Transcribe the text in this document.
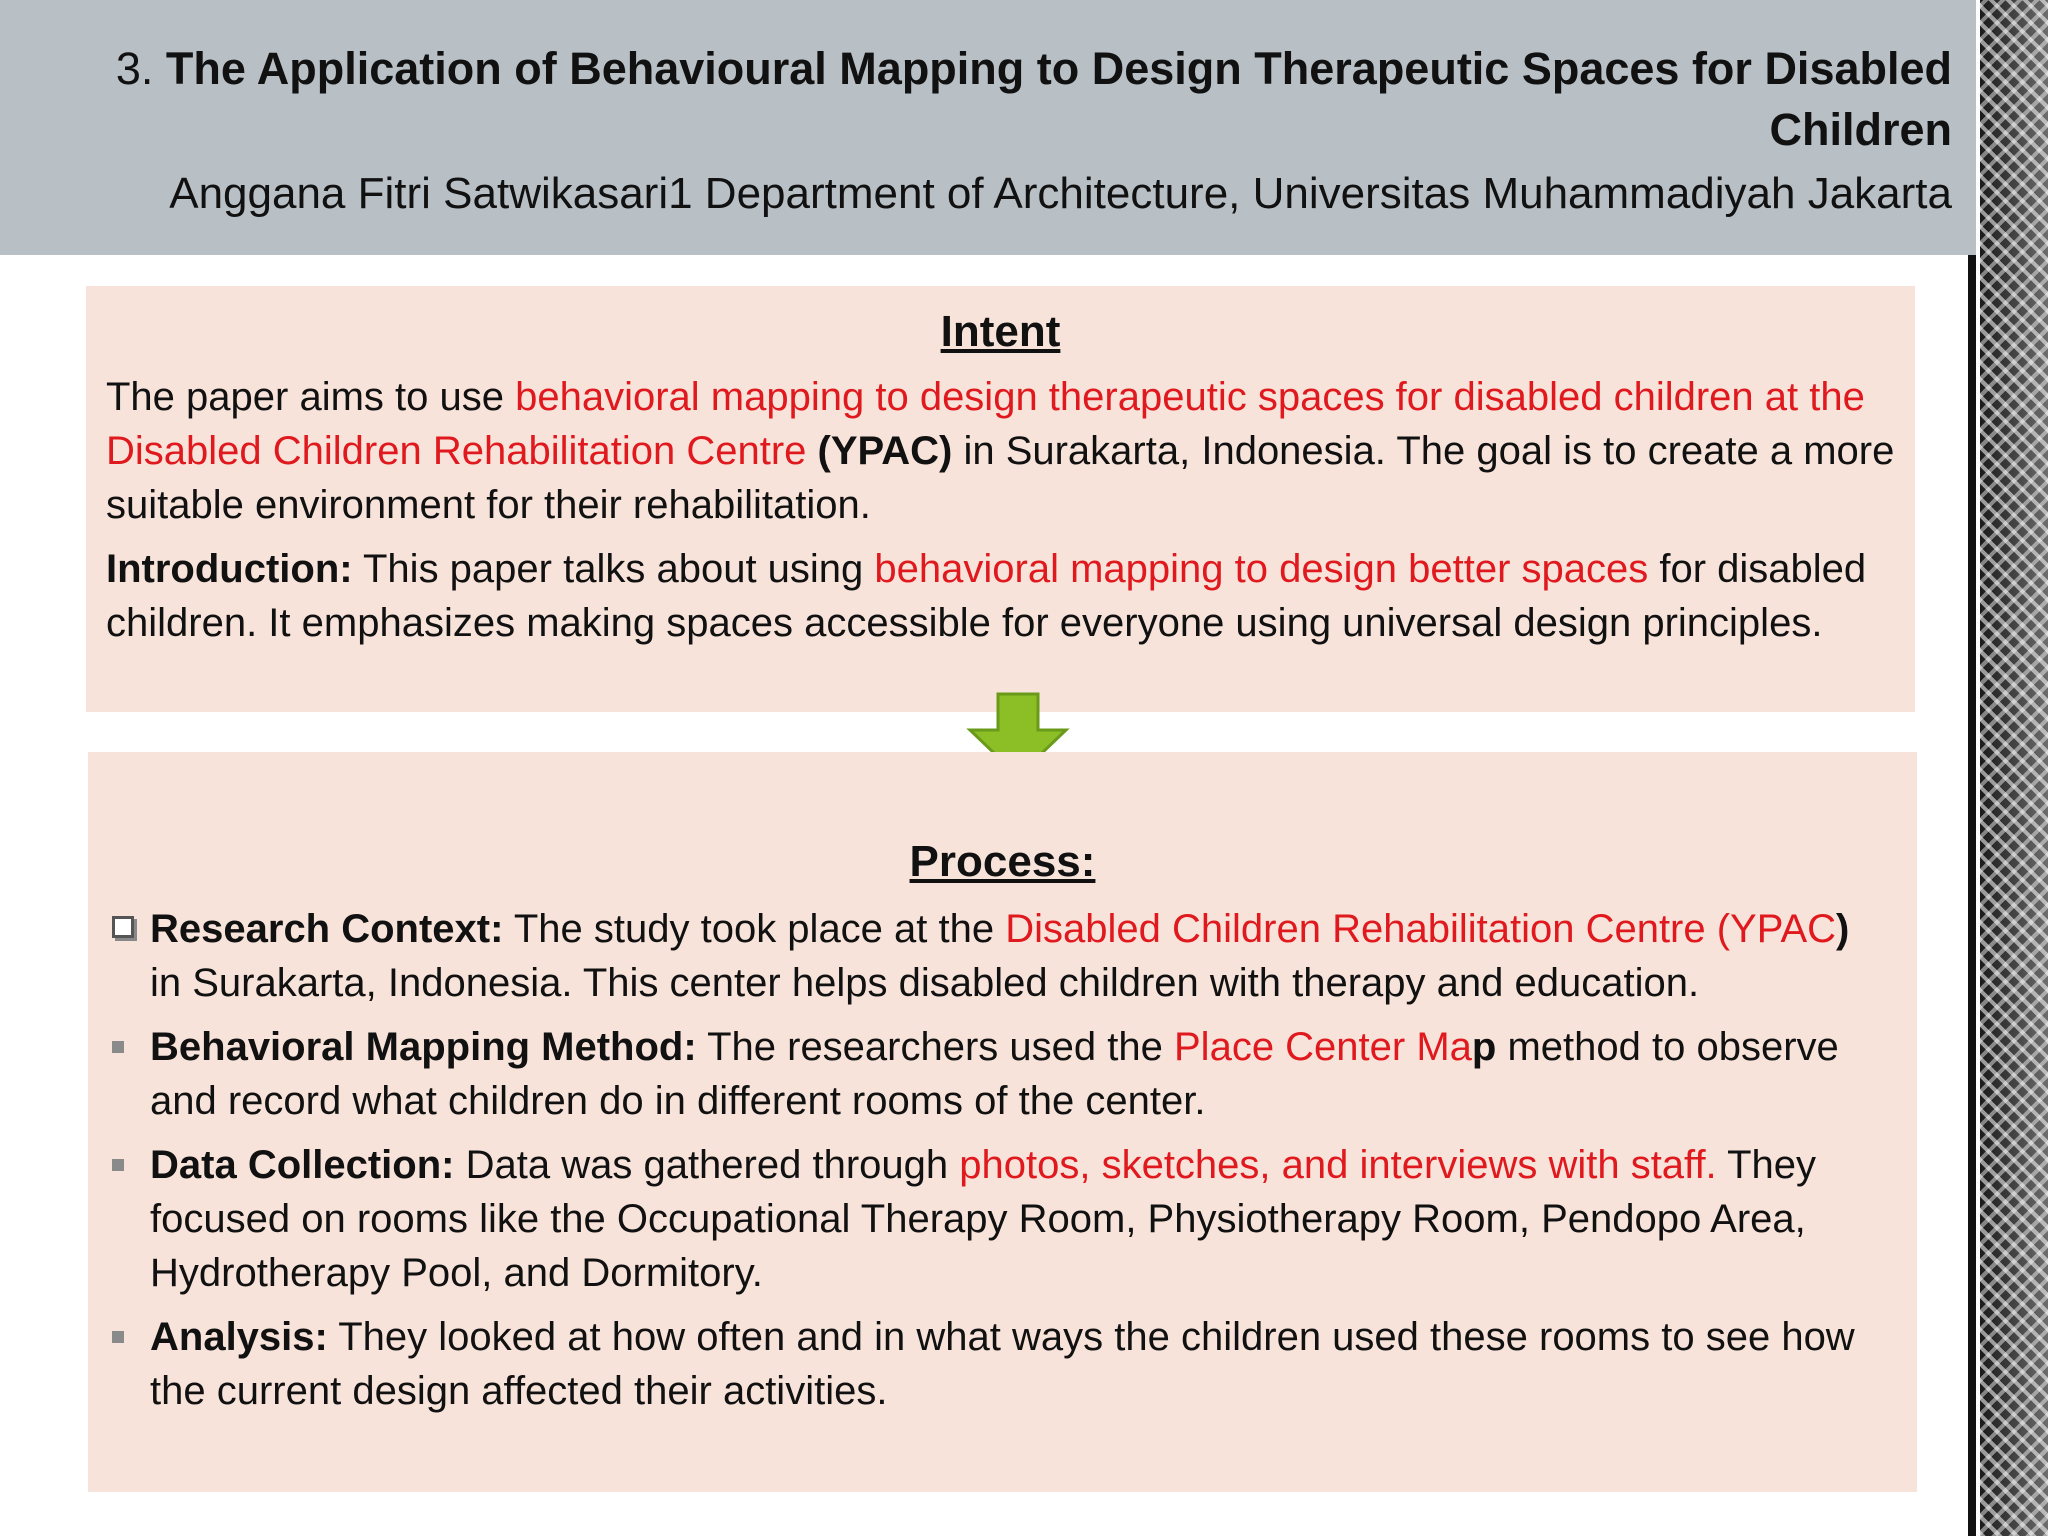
3. The Application of Behavioural Mapping to Design Therapeutic Spaces for Disabled Children
Anggana Fitri Satwikasari1 Department of Architecture, Universitas Muhammadiyah Jakarta
Intent

The paper aims to use behavioral mapping to design therapeutic spaces for disabled children at the Disabled Children Rehabilitation Centre (YPAC) in Surakarta, Indonesia. The goal is to create a more suitable environment for their rehabilitation.

Introduction: This paper talks about using behavioral mapping to design better spaces for disabled children. It emphasizes making spaces accessible for everyone using universal design principles.

Process:
Research Context: The study took place at the Disabled Children Rehabilitation Centre (YPAC) in Surakarta, Indonesia. This center helps disabled children with therapy and education.
Behavioral Mapping Method: The researchers used the Place Center Map method to observe and record what children do in different rooms of the center.
Data Collection: Data was gathered through photos, sketches, and interviews with staff. They focused on rooms like the Occupational Therapy Room, Physiotherapy Room, Pendopo Area, Hydrotherapy Pool, and Dormitory.
Analysis: They looked at how often and in what ways the children used these rooms to see how the current design affected their activities.
